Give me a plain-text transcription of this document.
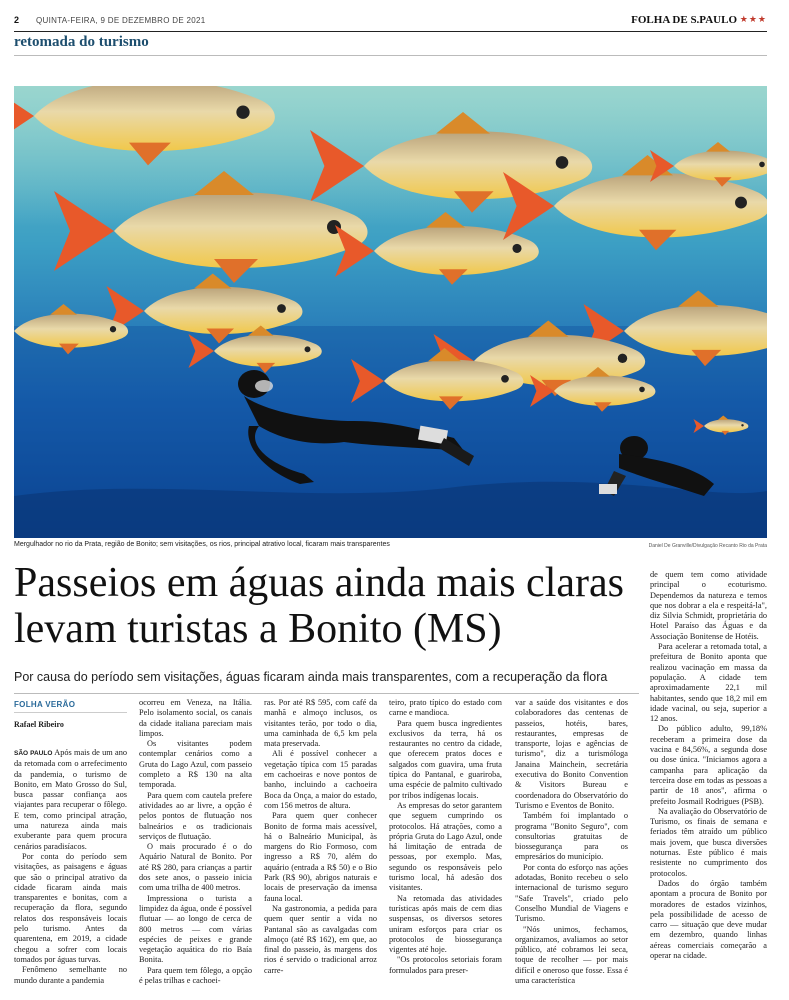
2 QUINTA-FEIRA, 9 DE DEZEMBRO DE 2021	FOLHA DE S.PAULO ★★★
retomada do turismo
Mergulhador no rio da Prata, região de Bonito; sem visitações, os rios, principal atrativo local, ficaram mais transparentes	Daniel De Granville/Divulgação Recanto Rio da Prata
Passeios em águas ainda mais claras levam turistas a Bonito (MS)
Por causa do período sem visitações, águas ficaram ainda mais transparentes, com a recuperação da flora
FOLHA VERÃO
Rafael Ribeiro

SÃO PAULO Após mais de um ano da retomada com o arrefecimento da pandemia, o turismo de Bonito, em Mato Grosso do Sul, busca passar confiança aos viajantes para recuperar o fôlego. E tem, como principal atração, uma natureza ainda mais exuberante para quem procura cenários paradisíacos.

Por conta do período sem visitações, as paisagens e águas que são o principal atrativo da cidade ficaram ainda mais transparentes e bonitas, com a recuperação da flora, segundo relatos dos responsáveis locais pelo turismo. Antes da quarentena, em 2019, a cidade chegou a sofrer com locais tomados por águas turvas.

Fenômeno semelhante no mundo durante a pandemia

ocorreu em Veneza, na Itália. Pelo isolamento social, os canais da cidade italiana pareciam mais limpos.

Os visitantes podem contemplar cenários como a Gruta do Lago Azul, com passeio completo a R$ 130 na alta temporada.

Para quem com cautela prefere atividades ao ar livre, a opção é pelos pontos de flutuação nos balneários e os tradicionais serviços de flutuação.

O mais procurado é o do Aquário Natural de Bonito. Por até R$ 280, para crianças a partir dos sete anos, o passeio inicia com uma trilha de 400 metros.

Impressiona o turista a limpidez da água, onde é possível flutuar — ao longo de cerca de 800 metros — com várias espécies de peixes e grande vegetação aquática do rio Baía Bonita.

Para quem tem fôlego, a opção é pelas trilhas e cachoei-

ras. Por até R$ 595, com café da manhã e almoço inclusos, os visitantes terão, por todo o dia, uma caminhada de 6,5 km pela mata preservada.

Ali é possível conhecer a vegetação típica com 15 paradas em cachoeiras e nove pontos de banho, incluindo a cachoeira Boca da Onça, a maior do estado, com 156 metros de altura.

Para quem quer conhecer Bonito de forma mais acessível, há o Balneário Municipal, às margens do Rio Formoso, com ingresso a R$ 70, além do aquário (entrada a R$ 50) e o Bio Park (R$ 90), abrigos naturais e locais de preservação da imensa fauna local.

Na gastronomia, a pedida para quem quer sentir a vida no Pantanal são as cavalgadas com almoço (até R$ 162), em que, ao final do passeio, às margens dos rios é servido o tradicional arroz carre-

teiro, prato típico do estado com carne e mandioca.

Para quem busca ingredientes exclusivos da terra, há os restaurantes no centro da cidade, que oferecem pratos doces e salgados com guavira, uma fruta típica do Pantanal, e guariroba, uma espécie de palmito cultivado por tribos indígenas locais.

As empresas do setor garantem que seguem cumprindo os protocolos. Há atrações, como a própria Gruta do Lago Azul, onde há limitação de entrada de pessoas, por exemplo. Mas, segundo os responsáveis pelo turismo local, há adesão dos visitantes.

Na retomada das atividades turísticas após mais de cem dias suspensas, os diversos setores uniram esforços para criar os protocolos de biossegurança vigentes até hoje.

"Os protocolos setoriais foram formulados para preser-

var a saúde dos visitantes e dos colaboradores das centenas de passeios, hotéis, bares, restaurantes, empresas de transporte, lojas e agências de turismo", diz a turismóloga Janaina Mainchein, secretária executiva do Bonito Convention & Visitors Bureau e coordenadora do Observatório do Turismo e Eventos de Bonito.

Também foi implantado o programa "Bonito Seguro", com consultorias gratuitas de biossegurança para os empresários do município.

Por conta do esforço nas ações adotadas, Bonito recebeu o selo internacional de turismo seguro "Safe Travels", criado pelo Conselho Mundial de Viagens e Turismo.

"Nós unimos, fechamos, organizamos, avaliamos ao setor público, até cobramos lei seca, toque de recolher — por mais difícil e oneroso que fosse. Essa é uma característica

de quem tem como atividade principal o ecoturismo. Dependemos da natureza e temos que nos dobrar a ela e respeitá-la", diz Silvia Schmidt, proprietária do Hotel Paraíso das Águas e da Associação Bonitense de Hotéis.

Para acelerar a retomada total, a prefeitura de Bonito aponta que realizou vacinação em massa da população. A cidade tem aproximadamente 22,1 mil habitantes, sendo que 18,2 mil em idade vacinal, ou seja, superior a 12 anos.

Do público adulto, 99,18% receberam a primeira dose da vacina e 84,56%, a segunda dose ou dose única. "Iniciamos agora a campanha para aplicação da terceira dose em todas as pessoas a partir de 18 anos", afirma o prefeito Josmail Rodrigues (PSB).

Na avaliação do Observatório de Turismo, os finais de semana e feriados têm atraído um público mais jovem, que busca diversões noturnas. Este público é mais resistente no cumprimento dos protocolos.

Dados do órgão também apontam a procura de Bonito por moradores de estados vizinhos, pela possibilidade de acesso de carro — situação que deve mudar em dezembro, quando linhas aéreas comerciais começarão a operar na cidade.
